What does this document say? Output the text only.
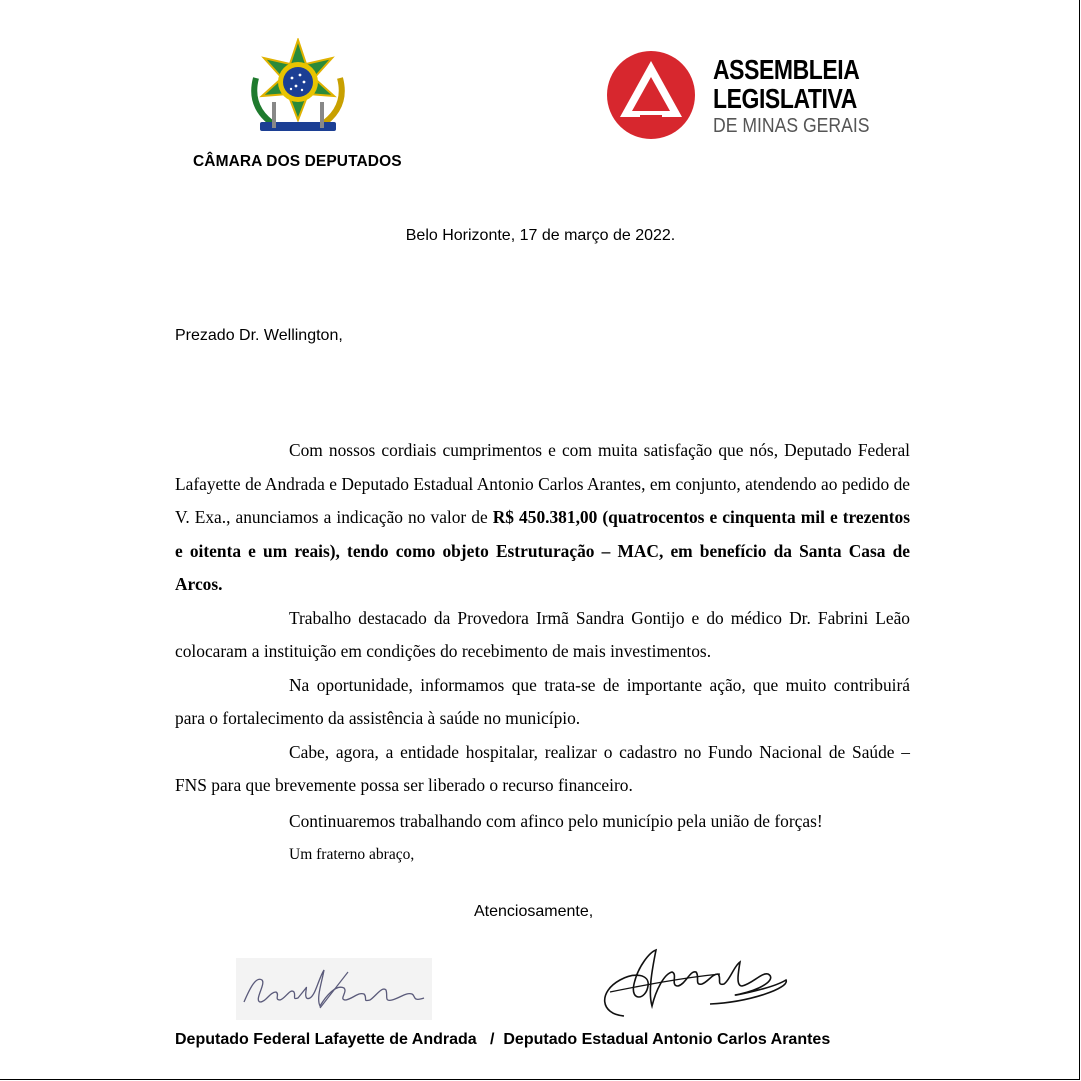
CÂMARA DOS DEPUTADOS
ASSEMBLEIA
LEGISLATIVA
DE MINAS GERAIS
Belo Horizonte, 17 de março de 2022.
Prezado Dr. Wellington,

Com nossos cordiais cumprimentos e com muita satisfação que nós, Deputado Federal Lafayette de Andrada e Deputado Estadual Antonio Carlos Arantes, em conjunto, atendendo ao pedido de V. Exa., anunciamos a indicação no valor de R$ 450.381,00 (quatrocentos e cinquenta mil e trezentos e oitenta e um reais), tendo como objeto Estruturação – MAC, em benefício da Santa Casa de Arcos.

Trabalho destacado da Provedora Irmã Sandra Gontijo e do médico Dr. Fabrini Leão colocaram a instituição em condições do recebimento de mais investimentos.

Na oportunidade, informamos que trata-se de importante ação, que muito contribuirá para o fortalecimento da assistência à saúde no município.

Cabe, agora, a entidade hospitalar, realizar o cadastro no Fundo Nacional de Saúde – FNS para que brevemente possa ser liberado o recurso financeiro.

Continuaremos trabalhando com afinco pelo município pela união de forças!
Um fraterno abraço,
Atenciosamente,
Deputado Federal Lafayette de Andrada   /  Deputado Estadual Antonio Carlos Arantes
